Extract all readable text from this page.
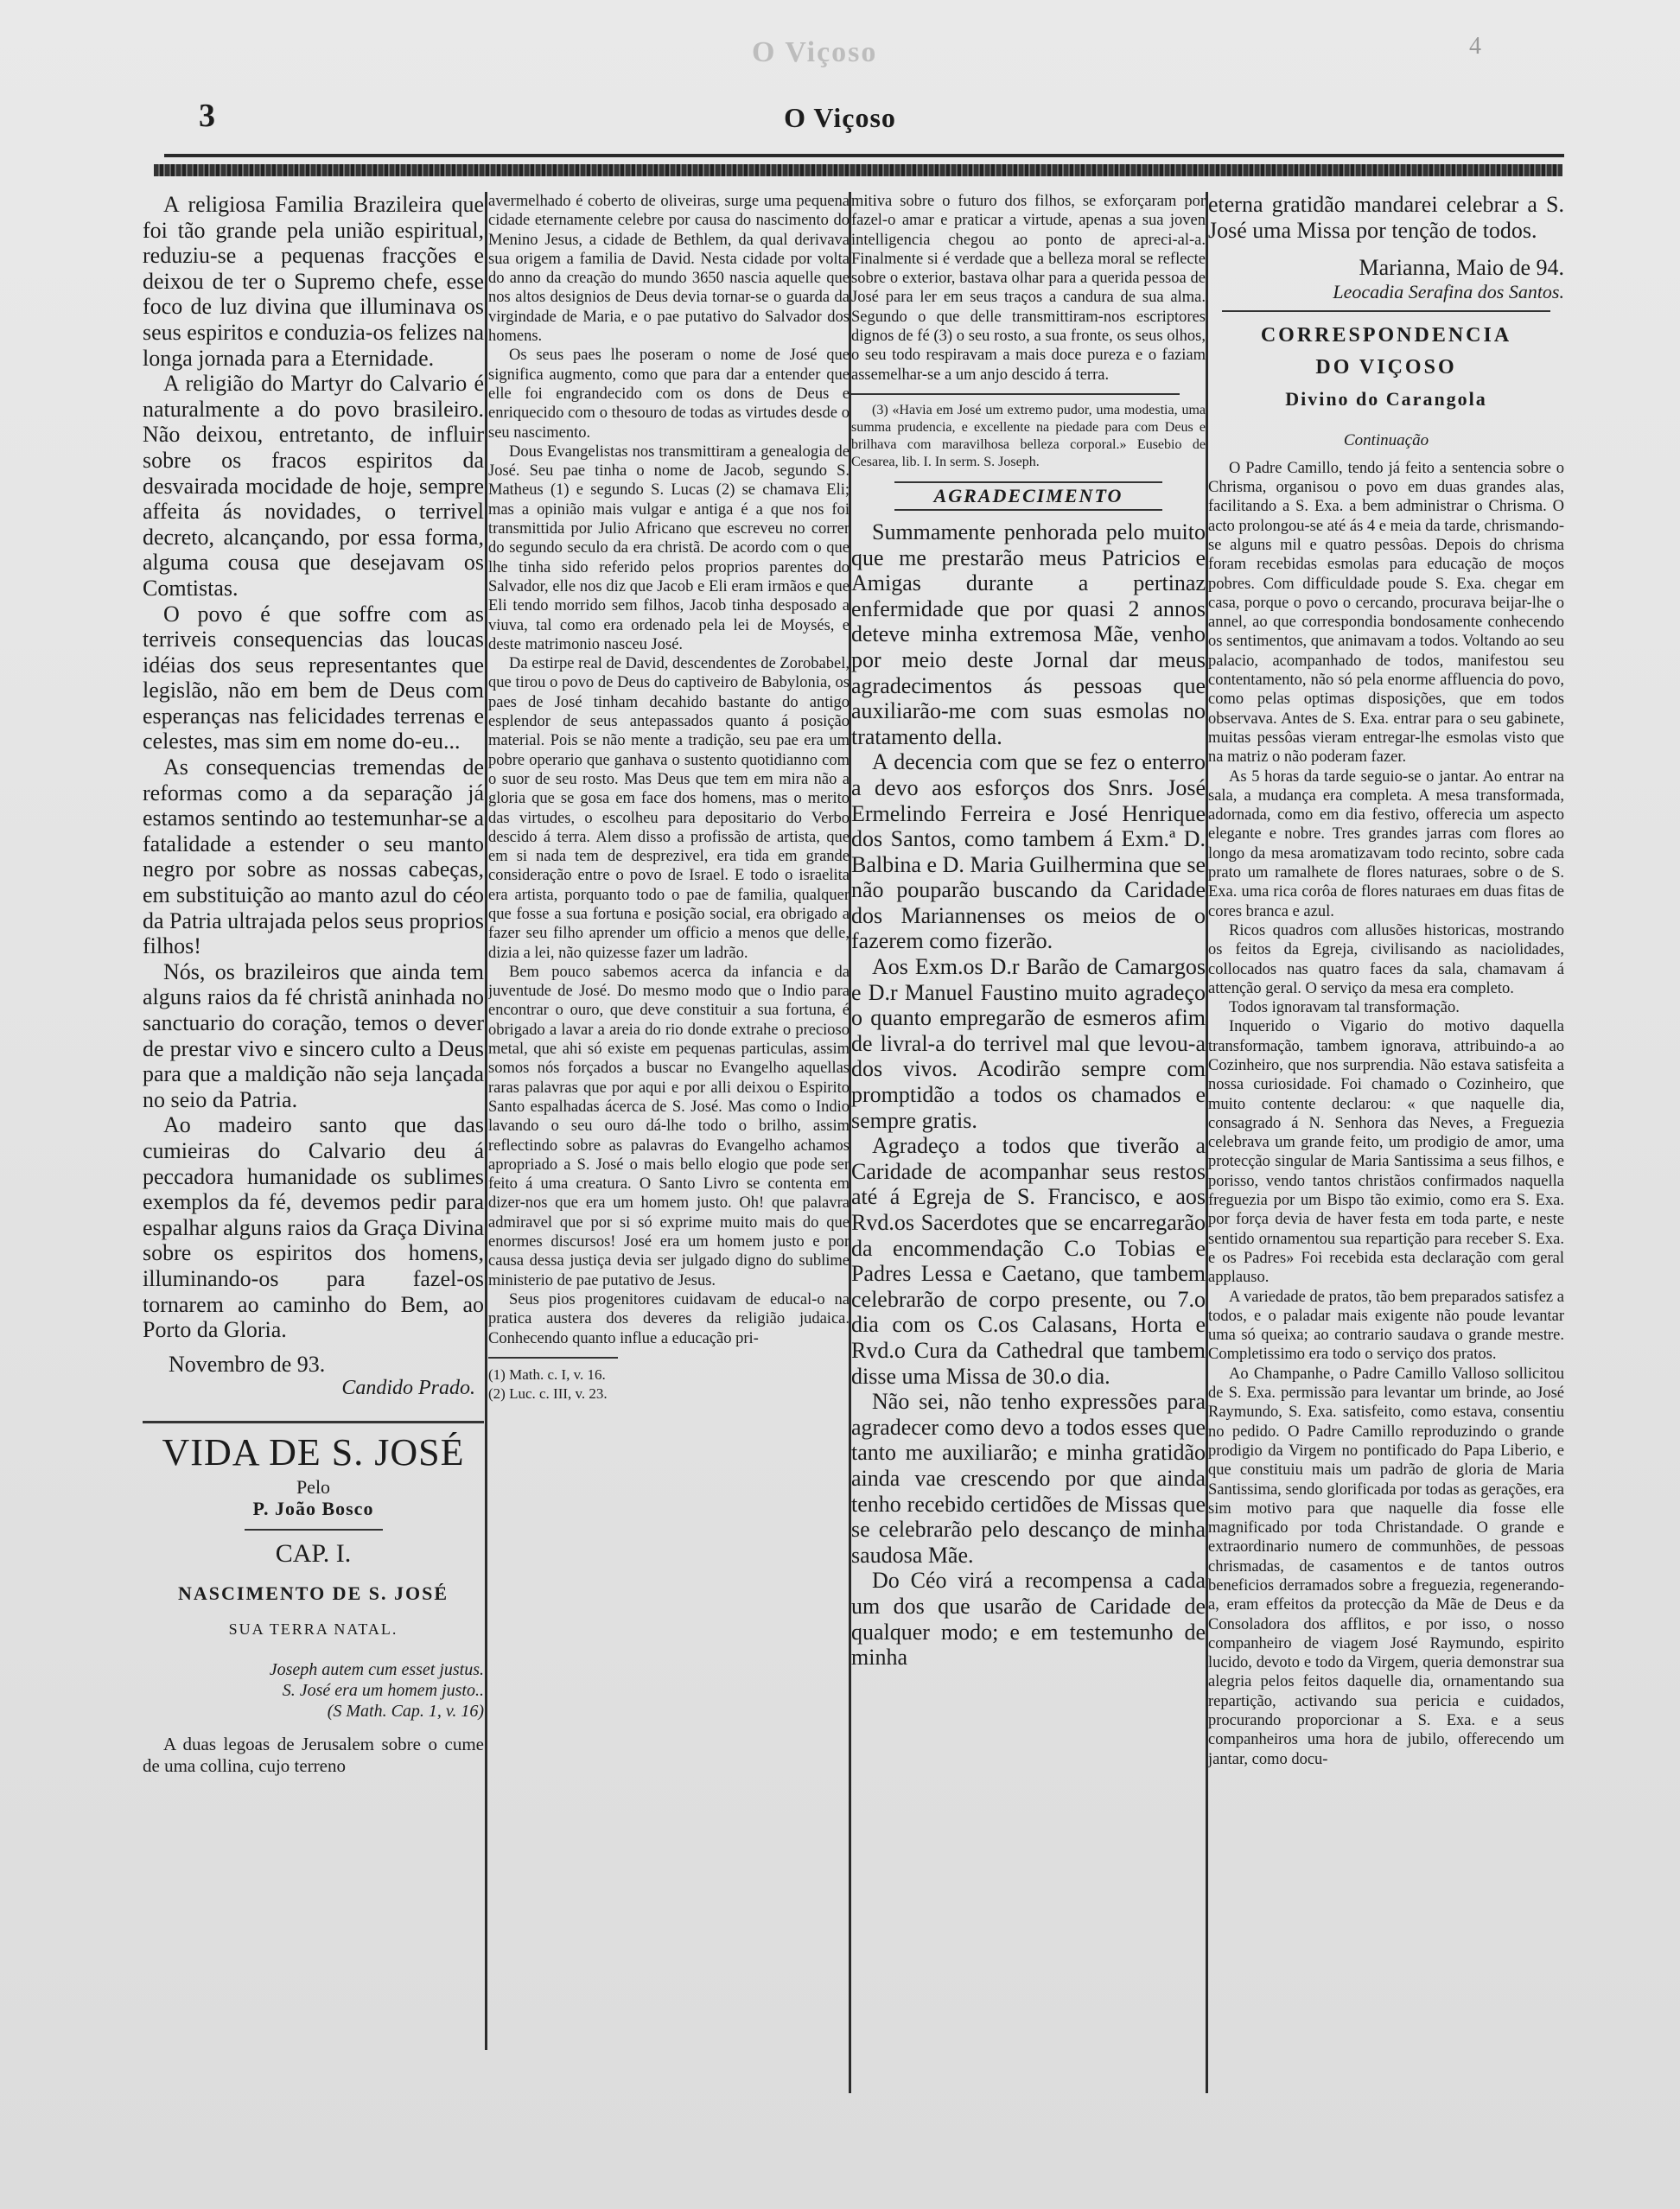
O Viçoso	4
3	O Viçoso

A religiosa Familia Brazileira que foi tão grande pela união espiritual, reduziu-se a pequenas fracções e deixou de ter o Supremo chefe, esse foco de luz divina que illuminava os seus espiritos e conduzia-os felizes na longa jornada para a Eternidade.

A religião do Martyr do Calvario é naturalmente a do povo brasileiro. Não deixou, entretanto, de influir sobre os fracos espiritos da desvairada mocidade de hoje, sempre affeita ás novidades, o terrivel decreto, alcançando, por essa forma, alguma cousa que desejavam os Comtistas.

O povo é que soffre com as terriveis consequencias das loucas idéias dos seus representantes que legislão, não em bem de Deus com esperanças nas felicidades terrenas e celestes, mas sim em nome do-eu...

As consequencias tremendas de reformas como a da separação já estamos sentindo ao testemunhar-se a fatalidade a estender o seu manto negro por sobre as nossas cabeças, em substituição ao manto azul do céo da Patria ultrajada pelos seus proprios filhos!

Nós, os brazileiros que ainda tem alguns raios da fé christã aninhada no sanctuario do coração, temos o dever de prestar vivo e sincero culto a Deus para que a maldição não seja lançada no seio da Patria.

Ao madeiro santo que das cumieiras do Calvario deu á peccadora humanidade os sublimes exemplos da fé, devemos pedir para espalhar alguns raios da Graça Divina sobre os espiritos dos homens, illuminando-os para fazel-os tornarem ao caminho do Bem, ao Porto da Gloria.

Novembro de 93.

Candido Prado.

VIDA DE S. JOSÉ

Pelo

P. João Bosco

CAP. I.

NASCIMENTO DE S. JOSÉ

SUA TERRA NATAL.

Joseph autem cum esset justus.

S. José era um homem justo..

(S Math. Cap. 1, v. 16)

A duas legoas de Jerusalem sobre o cume de uma collina, cujo terreno

avermelhado é coberto de oliveiras, surge uma pequena cidade eternamente celebre por causa do nascimento do Menino Jesus, a cidade de Bethlem, da qual derivava sua origem a familia de David. Nesta cidade por volta do anno da creação do mundo 3650 nascia aquelle que nos altos designios de Deus devia tornar-se o guarda da virgindade de Maria, e o pae putativo do Salvador dos homens.

Os seus paes lhe poseram o nome de José que significa augmento, como que para dar a entender que elle foi engrandecido com os dons de Deus e enriquecido com o thesouro de todas as virtudes desde o seu nascimento.

Dous Evangelistas nos transmittiram a genealogia de José. Seu pae tinha o nome de Jacob, segundo S. Matheus (1) e segundo S. Lucas (2) se chamava Eli; mas a opinião mais vulgar e antiga é a que nos foi transmittida por Julio Africano que escreveu no correr do segundo seculo da era christã. De acordo com o que lhe tinha sido referido pelos proprios parentes do Salvador, elle nos diz que Jacob e Eli eram irmãos e que Eli tendo morrido sem filhos, Jacob tinha desposado a viuva, tal como era ordenado pela lei de Moysés, e deste matrimonio nasceu José.

Da estirpe real de David, descendentes de Zorobabel, que tirou o povo de Deus do captiveiro de Babylonia, os paes de José tinham decahido bastante do antigo esplendor de seus antepassados quanto á posição material. Pois se não mente a tradição, seu pae era um pobre operario que ganhava o sustento quotidianno com o suor de seu rosto. Mas Deus que tem em mira não a gloria que se gosa em face dos homens, mas o merito das virtudes, o escolheu para depositario do Verbo descido á terra. Alem disso a profissão de artista, que em si nada tem de desprezivel, era tida em grande consideração entre o povo de Israel. E todo o israelita era artista, porquanto todo o pae de familia, qualquer que fosse a sua fortuna e posição social, era obrigado a fazer seu filho aprender um officio a menos que delle, dizia a lei, não quizesse fazer um ladrão.

Bem pouco sabemos acerca da infancia e da juventude de José. Do mesmo modo que o Indio para encontrar o ouro, que deve constituir a sua fortuna, é obrigado a lavar a areia do rio donde extrahe o precioso metal, que ahi só existe em pequenas particulas, assim somos nós forçados a buscar no Evangelho aquellas raras palavras que por aqui e por alli deixou o Espirito Santo espalhadas ácerca de S. José. Mas como o Indio lavando o seu ouro dá-lhe todo o brilho, assim reflectindo sobre as palavras do Evangelho achamos apropriado a S. José o mais bello elogio que pode ser feito á uma creatura. O Santo Livro se contenta em dizer-nos que era um homem justo. Oh! que palavra admiravel que por si só exprime muito mais do que enormes discursos! José era um homem justo e por causa dessa justiça devia ser julgado digno do sublime ministerio de pae putativo de Jesus.

Seus pios progenitores cuidavam de educal-o na pratica austera dos deveres da religião judaica. Conhecendo quanto influe a educação pri-

(1) Math. c. I, v. 16.

(2) Luc. c. III, v. 23.

mitiva sobre o futuro dos filhos, se exforçaram por fazel-o amar e praticar a virtude, apenas a sua joven intelligencia chegou ao ponto de apreci-al-a. Finalmente si é verdade que a belleza moral se reflecte sobre o exterior, bastava olhar para a querida pessoa de José para ler em seus traços a candura de sua alma. Segundo o que delle transmittiram-nos escriptores dignos de fé (3) o seu rosto, a sua fronte, os seus olhos, o seu todo respiravam a mais doce pureza e o faziam assemelhar-se a um anjo descido á terra.

(3) «Havia em José um extremo pudor, uma modestia, uma summa prudencia, e excellente na piedade para com Deus e brilhava com maravilhosa belleza corporal.» Eusebio de Cesarea, lib. I. In serm. S. Joseph.

AGRADECIMENTO

Summamente penhorada pelo muito que me prestarão meus Patricios e Amigas durante a pertinaz enfermidade que por quasi 2 annos deteve minha extremosa Mãe, venho por meio deste Jornal dar meus agradecimentos ás pessoas que auxiliarão-me com suas esmolas no tratamento della.

A decencia com que se fez o enterro a devo aos esforços dos Snrs. José Ermelindo Ferreira e José Henrique dos Santos, como tambem á Exm.ª D. Balbina e D. Maria Guilhermina que se não pouparão buscando da Caridade dos Mariannenses os meios de o fazerem como fizerão.

Aos Exm.os D.r Barão de Camargos e D.r Manuel Faustino muito agradeço o quanto empregarão de esmeros afim de livral-a do terrivel mal que levou-a dos vivos. Acodirão sempre com promptidão a todos os chamados e sempre gratis.

Agradeço a todos que tiverão a Caridade de acompanhar seus restos até á Egreja de S. Francisco, e aos Rvd.os Sacerdotes que se encarregarão da encommendação C.o Tobias e Padres Lessa e Caetano, que tambem celebrarão de corpo presente, ou 7.o dia com os C.os Calasans, Horta e Rvd.o Cura da Cathedral que tambem disse uma Missa de 30.o dia.

Não sei, não tenho expressões para agradecer como devo a todos esses que tanto me auxiliarão; e minha gratidão ainda vae crescendo por que ainda tenho recebido certidões de Missas que se celebrarão pelo descanço de minha saudosa Mãe.

Do Céo virá a recompensa a cada um dos que usarão de Caridade de qualquer modo; e em testemunho de minha

eterna gratidão mandarei celebrar a S. José uma Missa por tenção de todos.

Marianna, Maio de 94.

Leocadia Serafina dos Santos.

CORRESPONDENCIA

DO VIÇOSO

Divino do Carangola

Continuação

O Padre Camillo, tendo já feito a sentencia sobre o Chrisma, organisou o povo em duas grandes alas, facilitando a S. Exa. a bem administrar o Chrisma. O acto prolongou-se até ás 4 e meia da tarde, chrismando-se alguns mil e quatro pessôas. Depois do chrisma foram recebidas esmolas para educação de moços pobres. Com difficuldade poude S. Exa. chegar em casa, porque o povo o cercando, procurava beijar-lhe o annel, ao que correspondia bondosamente conhecendo os sentimentos, que animavam a todos. Voltando ao seu palacio, acompanhado de todos, manifestou seu contentamento, não só pela enorme affluencia do povo, como pelas optimas disposições, que em todos observava. Antes de S. Exa. entrar para o seu gabinete, muitas pessôas vieram entregar-lhe esmolas visto que na matriz o não poderam fazer.

As 5 horas da tarde seguio-se o jantar. Ao entrar na sala, a mudança era completa. A mesa transformada, adornada, como em dia festivo, offerecia um aspecto elegante e nobre. Tres grandes jarras com flores ao longo da mesa aromatizavam todo recinto, sobre cada prato um ramalhete de flores naturaes, sobre o de S. Exa. uma rica corôa de flores naturaes em duas fitas de cores branca e azul.

Ricos quadros com allusões historicas, mostrando os feitos da Egreja, civilisando as naciolidades, collocados nas quatro faces da sala, chamavam á attenção geral. O serviço da mesa era completo.

Todos ignoravam tal transformação.

Inquerido o Vigario do motivo daquella transformação, tambem ignorava, attribuindo-a ao Cozinheiro, que nos surprendia. Não estava satisfeita a nossa curiosidade. Foi chamado o Cozinheiro, que muito contente declarou: « que naquelle dia, consagrado á N. Senhora das Neves, a Freguezia celebrava um grande feito, um prodigio de amor, uma protecção singular de Maria Santissima a seus filhos, e porisso, vendo tantos christãos confirmados naquella freguezia por um Bispo tão eximio, como era S. Exa. por força devia de haver festa em toda parte, e neste sentido ornamentou sua repartição para receber S. Exa. e os Padres» Foi recebida esta declaração com geral applauso.

A variedade de pratos, tão bem preparados satisfez a todos, e o paladar mais exigente não poude levantar uma só queixa; ao contrario saudava o grande mestre. Completissimo era todo o serviço dos pratos.

Ao Champanhe, o Padre Camillo Valloso sollicitou de S. Exa. permissão para levantar um brinde, ao José Raymundo, S. Exa. satisfeito, como estava, consentiu no pedido. O Padre Camillo reproduzindo o grande prodigio da Virgem no pontificado do Papa Liberio, e que constituiu mais um padrão de gloria de Maria Santissima, sendo glorificada por todas as gerações, era sim motivo para que naquelle dia fosse elle magnificado por toda Christandade. O grande e extraordinario numero de communhões, de pessoas chrismadas, de casamentos e de tantos outros beneficios derramados sobre a freguezia, regenerando-a, eram effeitos da protecção da Mãe de Deus e da Consoladora dos afflitos, e por isso, o nosso companheiro de viagem José Raymundo, espirito lucido, devoto e todo da Virgem, queria demonstrar sua alegria pelos feitos daquelle dia, ornamentando sua repartição, activando sua pericia e cuidados, procurando proporcionar a S. Exa. e a seus companheiros uma hora de jubilo, offerecendo um jantar, como docu-
